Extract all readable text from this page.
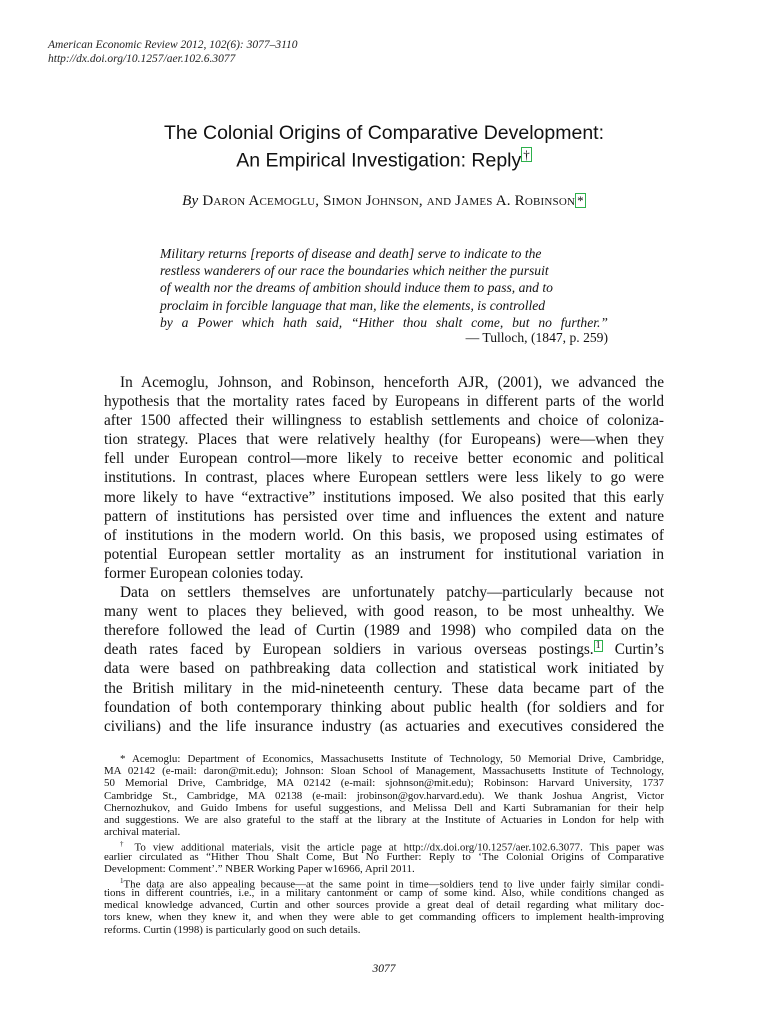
American Economic Review 2012, 102(6): 3077–3110
http://dx.doi.org/10.1257/aer.102.6.3077
The Colonial Origins of Comparative Development:
An Empirical Investigation: Reply †
By Daron Acemoglu, Simon Johnson, and James A. Robinson *
Military returns [reports of disease and death] serve to indicate to the
restless wanderers of our race the boundaries which neither the pursuit
of wealth nor the dreams of ambition should induce them to pass, and to
proclaim in forcible language that man, like the elements, is controlled
by a Power which hath said, “Hither thou shalt come, but no further.”
— Tulloch, (1847, p. 259)
In Acemoglu, Johnson, and Robinson, henceforth AJR, (2001), we advanced the
hypothesis that the mortality rates faced by Europeans in different parts of the world
after 1500 affected their willingness to establish settlements and choice of coloniza-
tion strategy. Places that were relatively healthy (for Europeans) were—when they
fell under European control—more likely to receive better economic and political
institutions. In contrast, places where European settlers were less likely to go were
more likely to have “extractive” institutions imposed. We also posited that this early
pattern of institutions has persisted over time and influences the extent and nature
of institutions in the modern world. On this basis, we proposed using estimates of
potential European settler mortality as an instrument for institutional variation in
former European colonies today.
Data on settlers themselves are unfortunately patchy—particularly because not
many went to places they believed, with good reason, to be most unhealthy. We
therefore followed the lead of Curtin (1989 and 1998) who compiled data on the
death rates faced by European soldiers in various overseas postings. 1 Curtin’s
data were based on pathbreaking data collection and statistical work initiated by
the British military in the mid-nineteenth century. These data became part of the
foundation of both contemporary thinking about public health (for soldiers and for
civilians) and the life insurance industry (as actuaries and executives considered the
* Acemoglu: Department of Economics, Massachusetts Institute of Technology, 50 Memorial Drive, Cambridge,
MA 02142 (e-mail: daron@mit.edu); Johnson: Sloan School of Management, Massachusetts Institute of Technology,
50 Memorial Drive, Cambridge, MA 02142 (e-mail: sjohnson@mit.edu); Robinson: Harvard University, 1737
Cambridge St., Cambridge, MA 02138 (e-mail: jrobinson@gov.harvard.edu). We thank Joshua Angrist, Victor
Chernozhukov, and Guido Imbens for useful suggestions, and Melissa Dell and Karti Subramanian for their help
and suggestions. We are also grateful to the staff at the library at the Institute of Actuaries in London for help with
archival material.
† To view additional materials, visit the article page at http://dx.doi.org/10.1257/aer.102.6.3077. This paper was
earlier circulated as “Hither Thou Shalt Come, But No Further: Reply to ‘The Colonial Origins of Comparative
Development: Comment’.” NBER Working Paper w16966, April 2011.
$^1$The data are also appealing because—at the same point in time—soldiers tend to live under fairly similar condi-
tions in different countries, i.e., in a military cantonment or camp of some kind. Also, while conditions changed as
medical knowledge advanced, Curtin and other sources provide a great deal of detail regarding what military doc-
tors knew, when they knew it, and when they were able to get commanding officers to implement health-improving
reforms. Curtin (1998) is particularly good on such details.
3077
